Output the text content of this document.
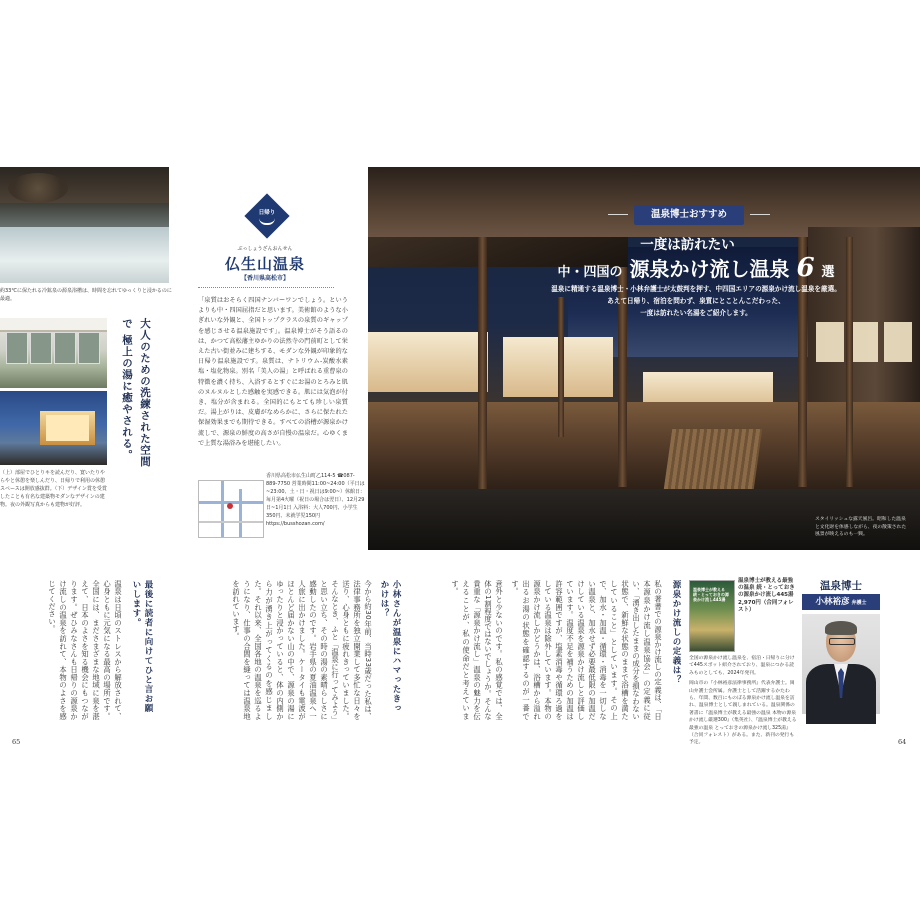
約33℃に保たれる冷鉱泉の源泉浴槽は、時間を忘れてゆっくりと浸かるのに最適。
（上）部屋でひとりキを読んだり、寛いたりやらやと休憩を楽しんだり、日帰りで利用の休憩スペースは開放感抜群。（下）デザイン賞を受賞したことも有名な建築物モダンなデザインの建物。夜の外観写真からも建物が好評。
大人のための洗練された空間で 極上の湯に癒やされる。
日帰り
ぶっしょうざんおんせん
仏生山温泉
【香川県高松市】
「泉質はおそらく四国ナンバーワンでしょう。というよりも中・四国屈指だと思います。美術館のような小ぎれいな外観と、全国トップクラスの泉質のギャップを感じさせる温泉施設です」。温泉博士がそう語るのは、かつて高松藩主ゆかりの法然寺の門前町として栄えた古い街並みに建ちする、モダンな外観が印象的な日帰り温泉施設です。泉質は、ナトリウム-炭酸水素塩・塩化物泉。別名「美人の湯」と呼ばれる重曹泉の特徴を濃く持ち、入浴するとすぐにお湯のとろみと肌のヌルヌルとした感触を実感できる。肌には気泡が付き、塩分が含まれる。全国的にもとても珍しい泉質だ。湯上がりは、皮膚がなめらかに、さらに保たれた保湿効果までも期待できる。すべての浴槽が源泉かけ流しで、源泉の鮮度の高さが自慢の温泉だ。心ゆくまで上質な湯浴みを堪能したい。
香川県高松市仏生山町乙114-5 ☎087-889-7750 営業時間11:00~24:00（平日は~23:00、土・日・祝日は9:00~）休館日：毎月第4火曜（祝日の場合は翌日）、12月29日~1月1日 入浴料：大人700円、小学生350円、未就学児150円 https://busshozan.com/
温泉博士おすすめ
一度は訪れたい
中・四国の 源泉かけ流し温泉 6 選
温泉に精通する温泉博士・小林弁護士が太鼓判を押す、中四国エリアの源泉かけ流し温泉を厳選。
あえて日帰り、宿泊を問わず、泉質にとことんこだわった、
一度は訪れたい名湯をご紹介します。
スタイリッシュな露天風呂。昭和した温泉と文化財を体感しながら、夜の散策された風景が映えるのも一興。
源泉かけ流しの定義は？
私の著書での源泉かけ流しの定義は、「日本源泉かけ流し温泉協会」の定義に従い、「湧き出したままの成分を損なわない状態で、新鮮な状態のままで浴槽を満たしていること」としています。その上で、加水・加温・循環・消毒を一切しない温泉と、加水せず必要最低限の加温だけしている温泉を源泉かけ流しと評価しています。温度不足を補うための加温は許容範囲ですが、塩素消毒や循環ろ過をしている温泉は除外しています。本物の源泉かけ流しかどうかは、浴槽から溢れ出るお湯の状態を確認するのが一番です。
意外と少ないのです。私の感覚では、全体の1割程度ではないでしょうか。そんな貴重な「源泉かけ流し」温泉の魅力を伝えることが、私の使命だと考えています。
小林さんが温泉にハマったきっかけは？
今から約30年前、当時33歳だった私は、法律事務所を独立開業して多忙な日々を送り、心身ともに疲れきっていました。そんなとき、ふと「温泉に行ってみよう」と思い立ち、その時の湯の素晴らしさに感動したのです。岩手県の夏油温泉へ一人旅に出かけました。ケータイも電波がほとんど届かない山の中で、源泉の湯にゆったりと浸かっていると、体の内側から力が湧き上がってくるのを感じました。それ以来、全国各地の温泉を巡るようになり、仕事の合間を縫っては温泉地を訪れています。
最後に読者に向けてひと言お願いします。
温泉は日頃のストレスから解放されて、心身ともに元気になる最高の場所です。全国には、まださまざまな地域に泉を湛えて、日本のよさを知る機会にもつながります。ぜひみなさんも日帰りの源泉かけ流しの温泉を訪れて、本物のよさを感じてください。	温泉博士が教える 続・とっておきの源泉かけ流し445湯
温泉博士が教える最強の温泉 続・とっておきの源泉かけ流し445湯
2,970円（合同フォレスト）
全国の源泉かけ流し温泉を、宿泊・日帰りに分けて445スポット紹介されており、温泉につかる読みものとしても、2024年発刊。
岡山市の『小林裕彦法律事務所』代表弁護士。岡山弁護士会所属。弁護士として活躍するかたわら、年間、数百にものぼる源泉かけ流し温泉を訪れ、温泉博士として親しまれている。温泉関係の著書に『温泉博士が教える最強の温泉 本物の源泉かけ流し厳選300』（集英社）、『温泉博士が教える最強の温泉 とっておきの源泉かけ流し325湯』（合同フォレスト）がある。また、新刊の発行も予定。
温泉博士
小林裕彦 弁護士
65	64
